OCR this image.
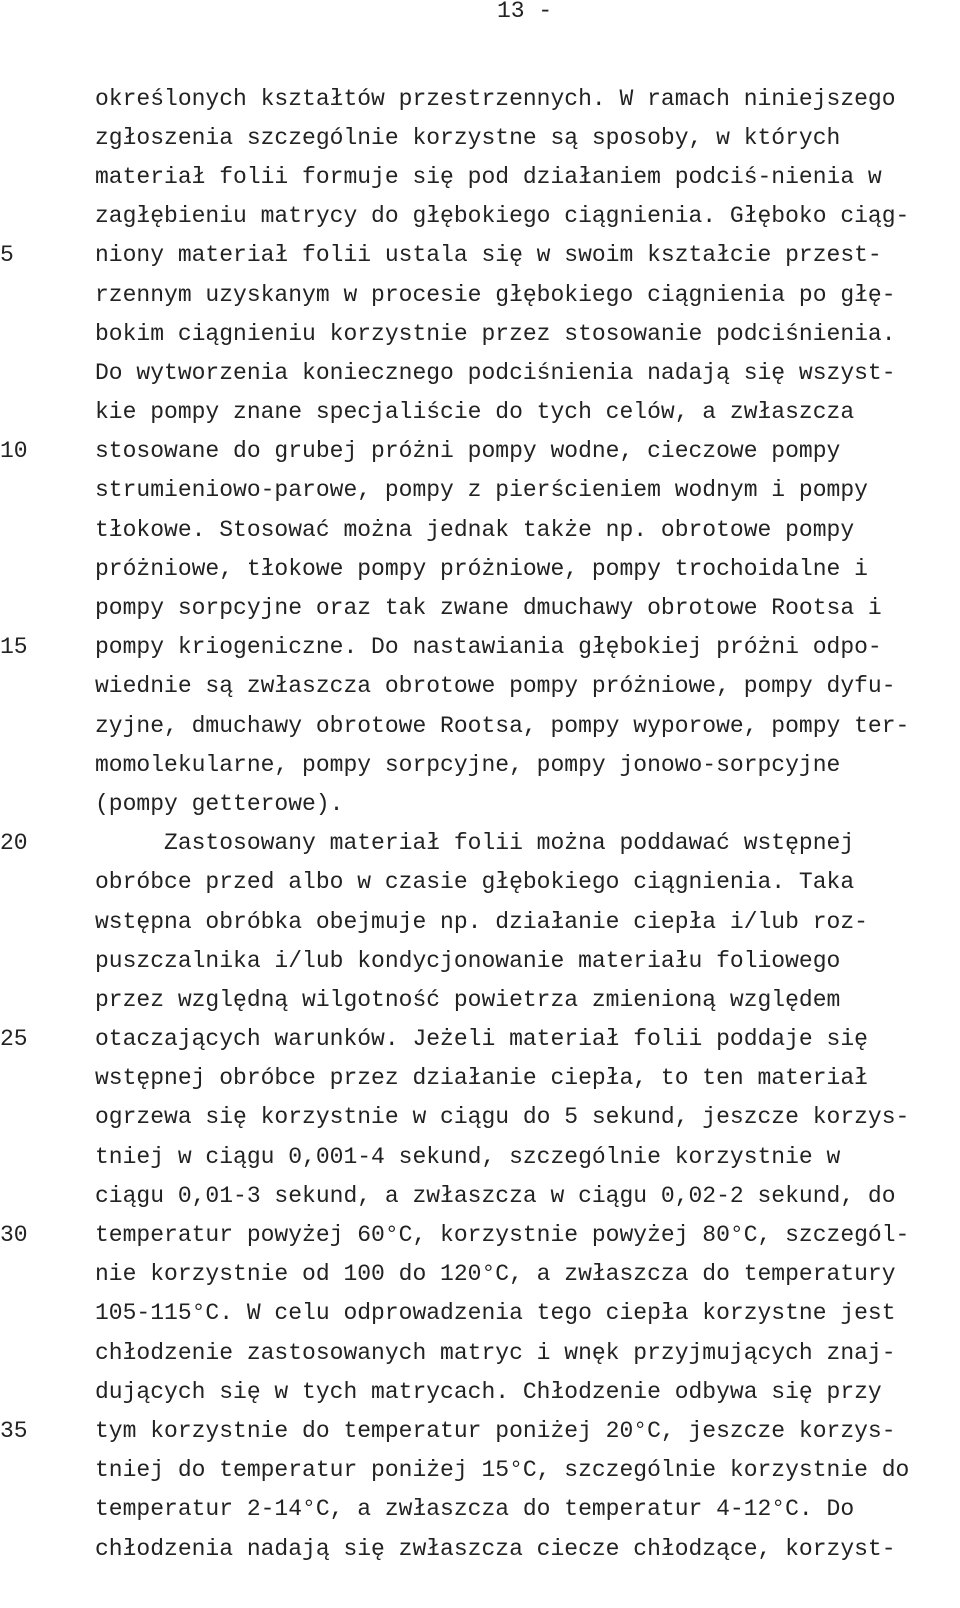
13 -
5
10
15
20
25
30
35
określonych kształtów przestrzennych. W ramach niniejszego
zgłoszenia szczególnie korzystne są sposoby, w których
materiał folii formuje się pod działaniem podciś-nienia w
zagłębieniu matrycy do głębokiego ciągnienia. Głęboko ciąg-
niony materiał folii ustala się w swoim kształcie przest-
rzennym uzyskanym w procesie głębokiego ciągnienia po głę-
bokim ciągnieniu korzystnie przez stosowanie podciśnienia.
Do wytworzenia koniecznego podciśnienia nadają się wszyst-
kie pompy znane specjaliście do tych celów, a zwłaszcza
stosowane do grubej próżni pompy wodne, cieczowe pompy
strumieniowo-parowe, pompy z pierścieniem wodnym i pompy
tłokowe. Stosować można jednak także np. obrotowe pompy
próżniowe, tłokowe pompy próżniowe, pompy trochoidalne i
pompy sorpcyjne oraz tak zwane dmuchawy obrotowe Rootsa i
pompy kriogeniczne. Do nastawiania głębokiej próżni odpo-
wiednie są zwłaszcza obrotowe pompy próżniowe, pompy dyfu-
zyjne, dmuchawy obrotowe Rootsa, pompy wyporowe, pompy ter-
momolekularne, pompy sorpcyjne, pompy jonowo-sorpcyjne
(pompy getterowe).
Zastosowany materiał folii można poddawać wstępnej
obróbce przed albo w czasie głębokiego ciągnienia. Taka
wstępna obróbka obejmuje np. działanie ciepła i/lub roz-
puszczalnika i/lub kondycjonowanie materiału foliowego
przez względną wilgotność powietrza zmienioną względem
otaczających warunków. Jeżeli materiał folii poddaje się
wstępnej obróbce przez działanie ciepła, to ten materiał
ogrzewa się korzystnie w ciągu do 5 sekund, jeszcze korzys-
tniej w ciągu 0,001-4 sekund, szczególnie korzystnie w
ciągu 0,01-3 sekund, a zwłaszcza w ciągu 0,02-2 sekund, do
temperatur powyżej 60°C, korzystnie powyżej 80°C, szczegól-
nie korzystnie od 100 do 120°C, a zwłaszcza do temperatury
105-115°C. W celu odprowadzenia tego ciepła korzystne jest
chłodzenie zastosowanych matryc i wnęk przyjmujących znaj-
dujących się w tych matrycach. Chłodzenie odbywa się przy
tym korzystnie do temperatur poniżej 20°C, jeszcze korzys-
tniej do temperatur poniżej 15°C, szczególnie korzystnie do
temperatur 2-14°C, a zwłaszcza do temperatur 4-12°C. Do
chłodzenia nadają się zwłaszcza ciecze chłodzące, korzyst-
